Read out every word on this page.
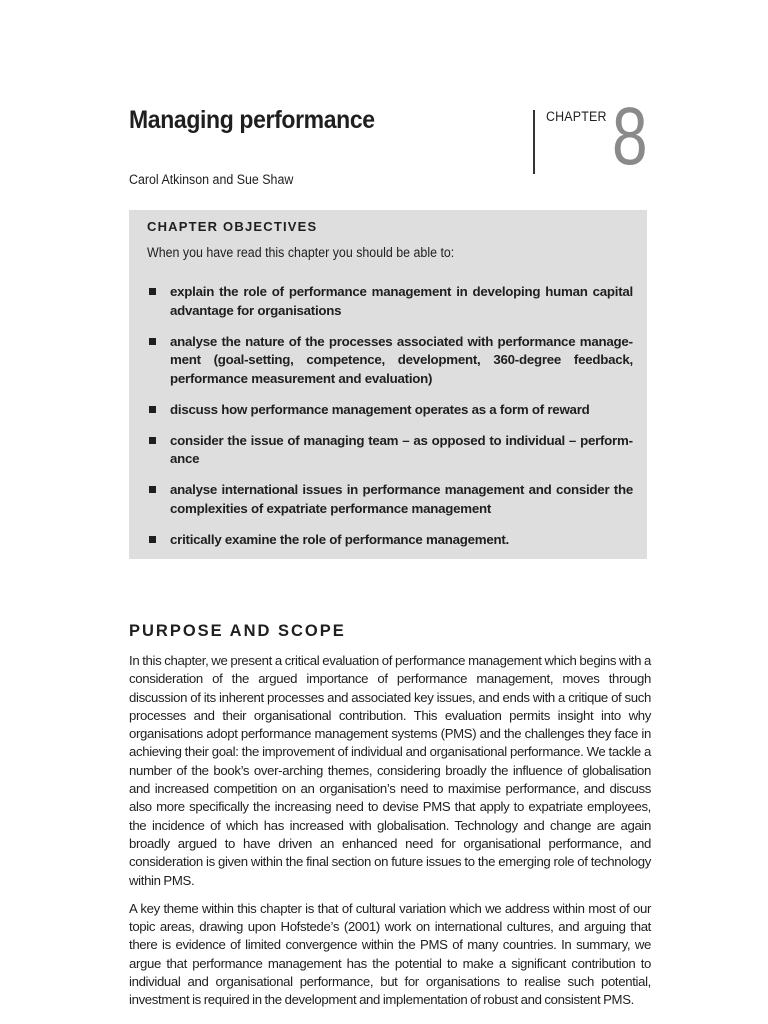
Managing performance	CHAPTER 8
Carol Atkinson and Sue Shaw
CHAPTER OBJECTIVES
When you have read this chapter you should be able to:
explain the role of performance management in developing human capital advantage for organisations
analyse the nature of the processes associated with performance management (goal-setting, competence, development, 360-degree feedback, performance measurement and evaluation)
discuss how performance management operates as a form of reward
consider the issue of managing team – as opposed to individual – performance
analyse international issues in performance management and consider the complexities of expatriate performance management
critically examine the role of performance management.
PURPOSE AND SCOPE

In this chapter, we present a critical evaluation of performance management which begins with a consideration of the argued importance of performance management, moves through discussion of its inherent processes and associated key issues, and ends with a critique of such processes and their organisational contribution. This evaluation permits insight into why organisations adopt performance management systems (PMS) and the challenges they face in achieving their goal: the improvement of individual and organisational performance. We tackle a number of the book’s over-arching themes, considering broadly the influence of globalisation and increased competition on an organisation’s need to maximise performance, and discuss also more specifically the increasing need to devise PMS that apply to expatriate employees, the incidence of which has increased with globalisation. Technology and change are again broadly argued to have driven an enhanced need for organisational performance, and consideration is given within the final section on future issues to the emerging role of technology within PMS.

A key theme within this chapter is that of cultural variation which we address within most of our topic areas, drawing upon Hofstede’s (2001) work on international cultures, and arguing that there is evidence of limited convergence within the PMS of many countries. In summary, we argue that performance management has the potential to make a significant contribution to individual and organisational performance, but for organisations to realise such potential, investment is required in the development and implementation of robust and consistent PMS.
